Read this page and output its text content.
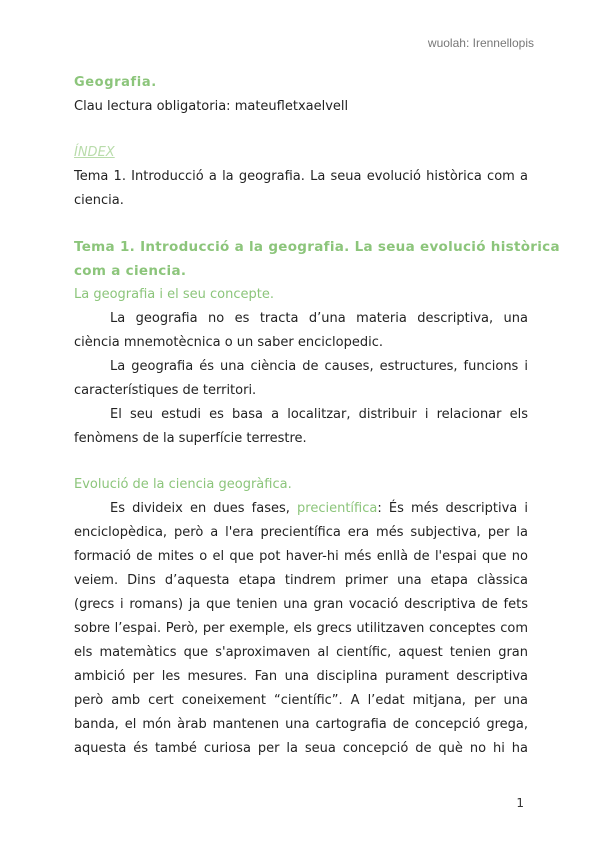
wuolah: Irennellopis
Geografia.
Clau lectura obligatoria: mateufletxaelvell
ÍNDEX
Tema 1. Introducció a la geografia. La seua evolució històrica com a
ciencia.
Tema 1. Introducció a la geografia. La seua evolució històrica
com a ciencia.
La geografia i el seu concepte.
La geografia no es tracta d’una materia descriptiva, una
ciència mnemotècnica o un saber enciclopedic.
La geografia és una ciència de causes, estructures, funcions i
característiques de territori.
El seu estudi es basa a localitzar, distribuir i relacionar els
fenòmens de la superfície terrestre.
Evolució de la ciencia geogràfica.
Es divideix en dues fases, precientífica: És més descriptiva i
enciclopèdica, però a l'era precientífica era més subjectiva, per la
formació de mites o el que pot haver-hi més enllà de l'espai que no
veiem. Dins d’aquesta etapa tindrem primer una etapa clàssica
(grecs i romans) ja que tenien una gran vocació descriptiva de fets
sobre l’espai. Però, per exemple, els grecs utilitzaven conceptes com
els matemàtics que s'aproximaven al científic, aquest tenien gran
ambició per les mesures. Fan una disciplina purament descriptiva
però amb cert coneixement “científic”. A l’edat mitjana, per una
banda, el món àrab mantenen una cartografia de concepció grega,
aquesta és també curiosa per la seua concepció de què no hi ha
1
